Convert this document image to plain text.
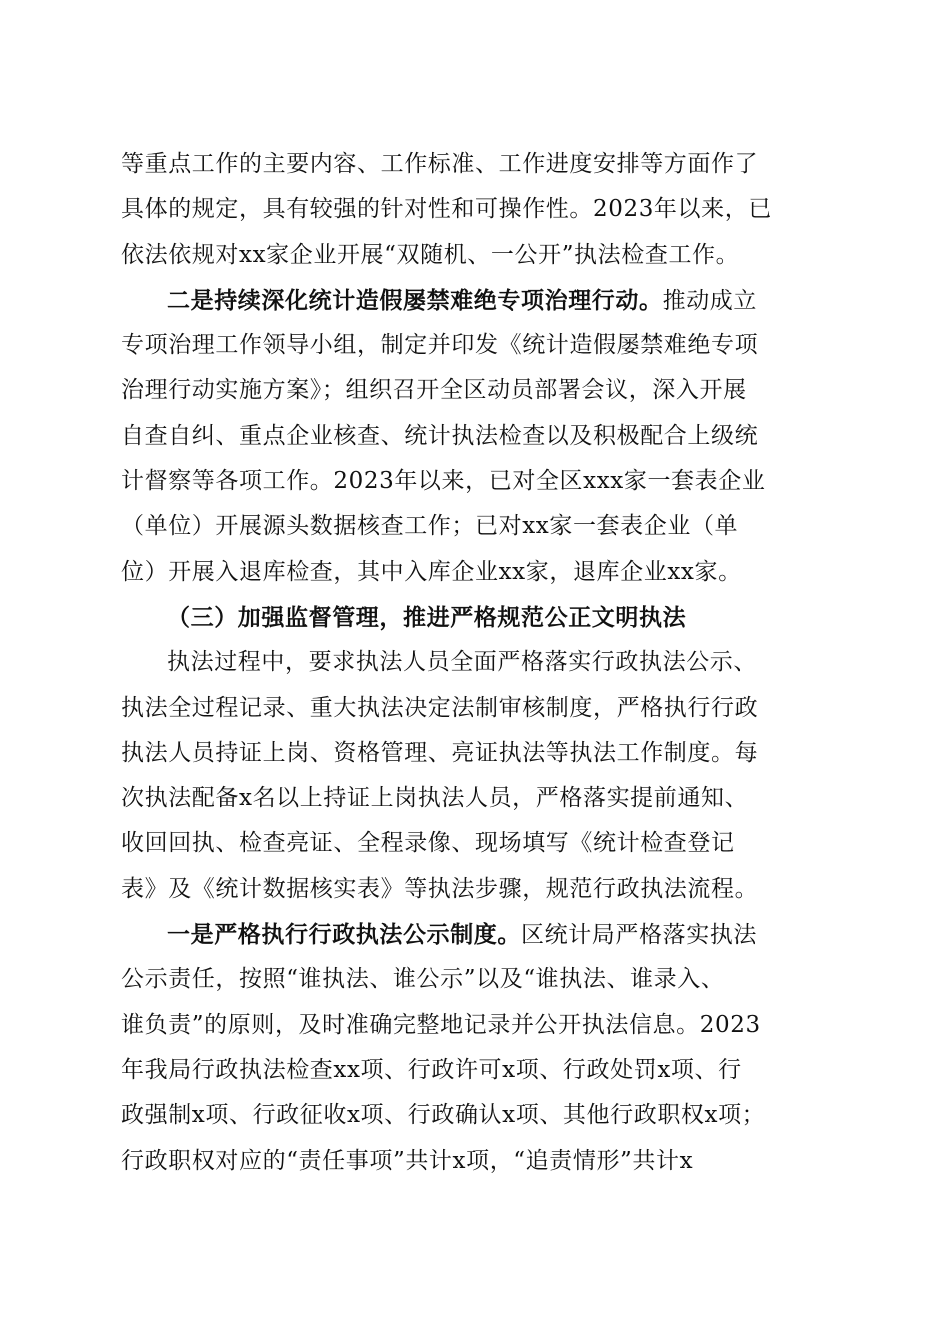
等重点工作的主要内容、工作标准、工作进度安排等方面作了
具体的规定，具有较强的针对性和可操作性。2023年以来，已
依法依规对xx家企业开展“双随机、一公开”执法检查工作。
二是持续深化统计造假屡禁难绝专项治理行动。推动成立
专项治理工作领导小组，制定并印发《统计造假屡禁难绝专项
治理行动实施方案》；组织召开全区动员部署会议，深入开展
自查自纠、重点企业核查、统计执法检查以及积极配合上级统
计督察等各项工作。2023年以来，已对全区xxx家一套表企业
（单位）开展源头数据核查工作；已对xx家一套表企业（单
位）开展入退库检查，其中入库企业xx家，退库企业xx家。
（三）加强监督管理，推进严格规范公正文明执法
执法过程中，要求执法人员全面严格落实行政执法公示、
执法全过程记录、重大执法决定法制审核制度，严格执行行政
执法人员持证上岗、资格管理、亮证执法等执法工作制度。每
次执法配备x名以上持证上岗执法人员，严格落实提前通知、
收回回执、检查亮证、全程录像、现场填写《统计检查登记
表》及《统计数据核实表》等执法步骤，规范行政执法流程。
一是严格执行行政执法公示制度。区统计局严格落实执法
公示责任，按照“谁执法、谁公示”以及“谁执法、谁录入、
谁负责”的原则，及时准确完整地记录并公开执法信息。2023
年我局行政执法检查xx项、行政许可x项、行政处罚x项、行
政强制x项、行政征收x项、行政确认x项、其他行政职权x项；
行政职权对应的“责任事项”共计x项，“追责情形”共计x
